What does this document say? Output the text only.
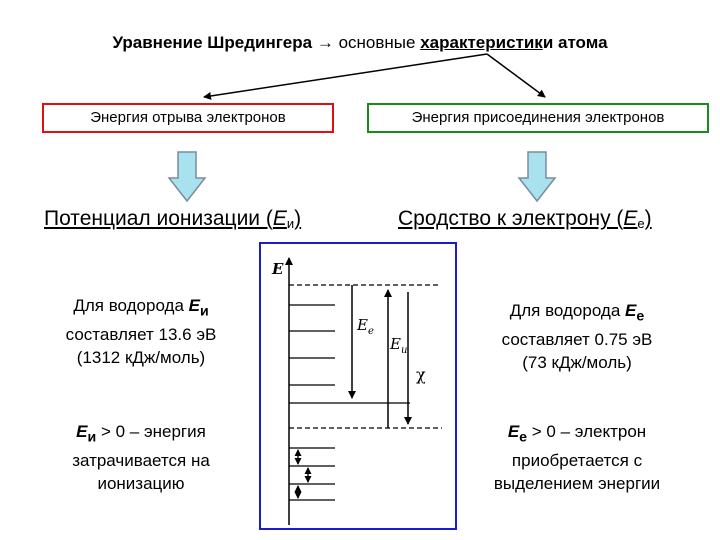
Уравнение Шредингера → основные характеристики атома
E
$E_e$
$E_и$
χ
Энергия отрыва электронов	Энергия присоединения электронов
Потенциал ионизации $(E_и)$	Сродство к электрону $(E_е)$
Для водорода $E_и$
составляет 13.6 эВ
(1312 кДж/моль)
$E_и > 0$ – энергия
затрачивается на
ионизацию
Для водорода $E_е$
составляет 0.75 эВ
(73 кДж/моль)
$E_е > 0$ – электрон
приобретается с
выделением энергии
